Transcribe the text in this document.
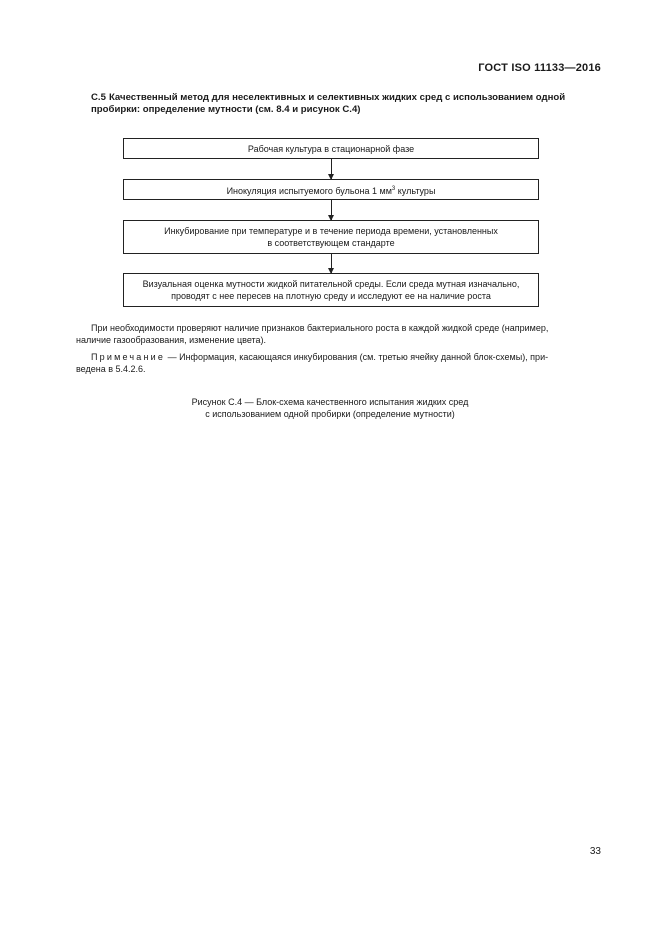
ГОСТ ISO 11133—2016
С.5 Качественный метод для неселективных и селективных жидких сред с использованием одной
пробирки: определение мутности (см. 8.4 и рисунок С.4)
Рабочая культура в стационарной фазе
Инокуляция испытуемого бульона 1 $мм^3$ культуры
Инкубирование при температуре и в течение периода времени, установленных
в соответствующем стандарте
Визуальная оценка мутности жидкой питательной среды. Если среда мутная изначально,
проводят с нее пересев на плотную среду и исследуют ее на наличие роста
При необходимости проверяют наличие признаков бактериального роста в каждой жидкой среде (например,
наличие газообразования, изменение цвета).
Примечание — Информация, касающаяся инкубирования (см. третью ячейку данной блок-схемы), при-
ведена в 5.4.2.6.
Рисунок С.4 — Блок-схема качественного испытания жидких сред
с использованием одной пробирки (определение мутности)
33
